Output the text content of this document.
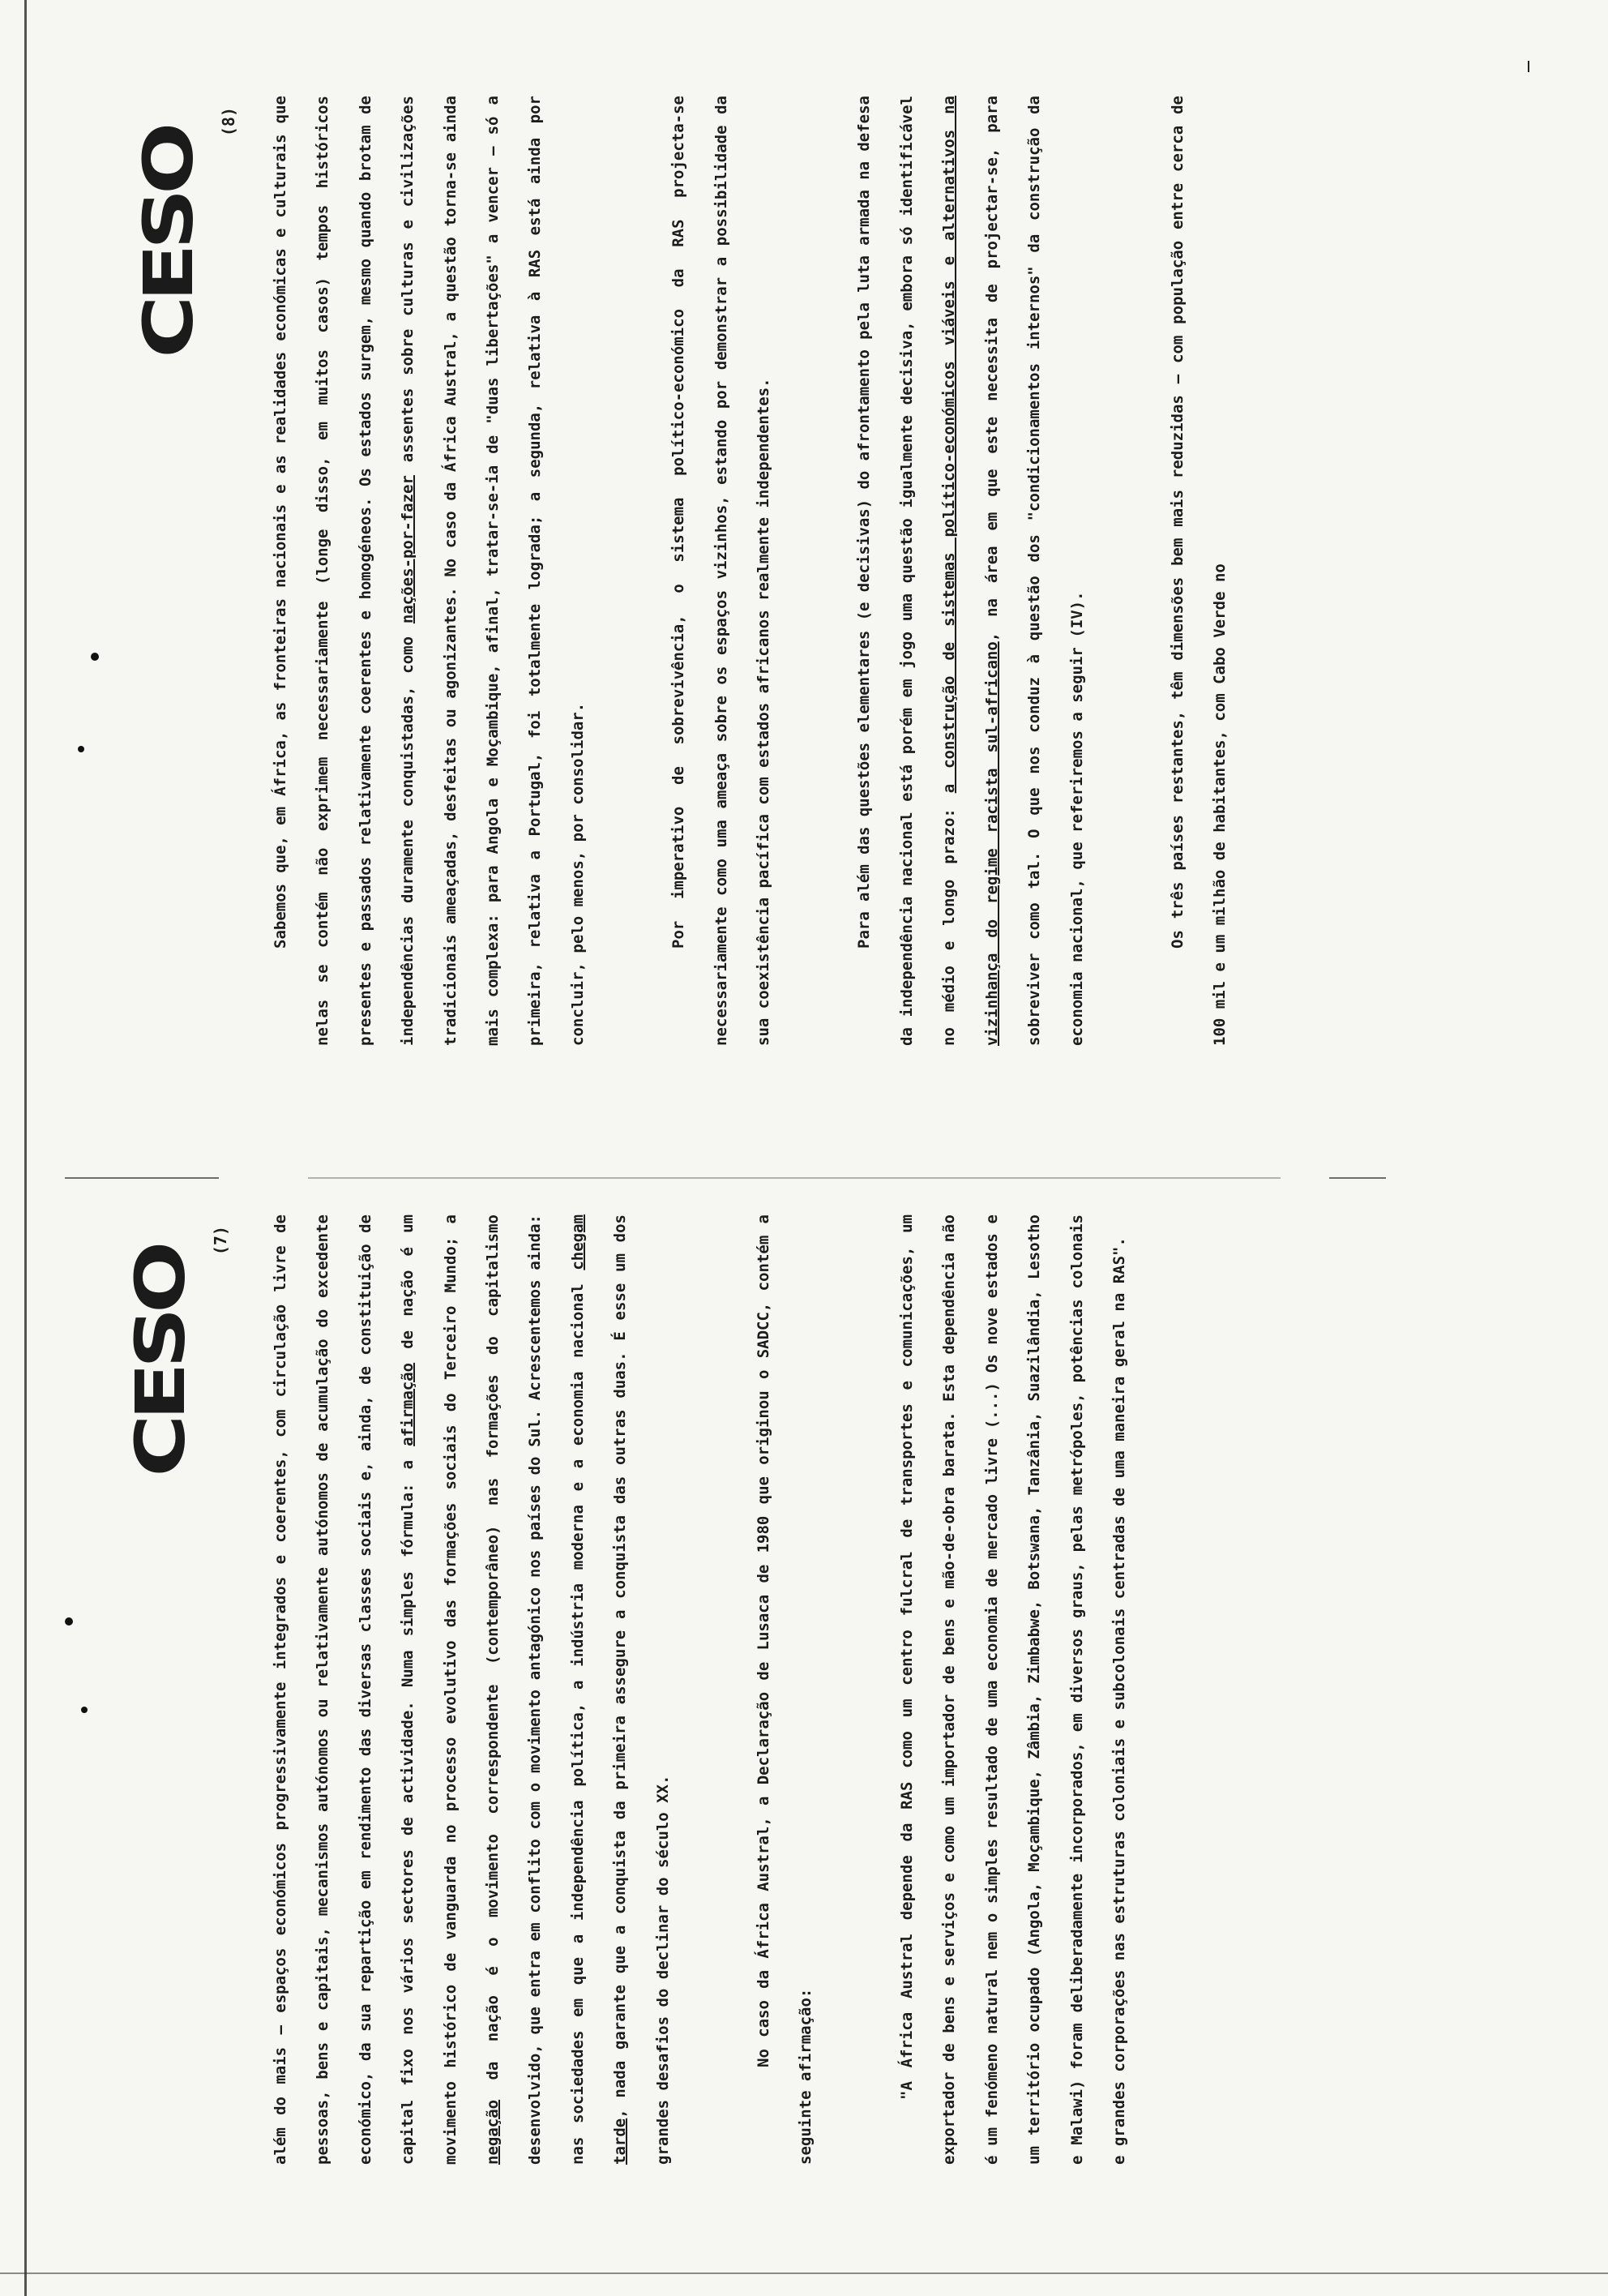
CESO
(7)	além do mais — espaços económicos progressivamente integrados e coerentes, com circulação livre de pessoas, bens e capitais, mecanismos autónomos ou relativamente autónomos de acumulação do excedente económico, da sua repartição em rendimento das diversas classes sociais e, ainda, de constituição de capital fixo nos vários sectores de actividade. Numa simples fórmula: a afirmação de nação é um movimento histórico de vanguarda no processo evolutivo das formações sociais do Terceiro Mundo; a negação da nação é o movimento correspondente (contemporâneo) nas formações do capitalismo desenvolvido, que entra em conflito com o movimento antagónico nos países do Sul. Acrescentemos ainda: nas sociedades em que a independência política, a indústria moderna e a economia nacional chegam tarde, nada garante que a conquista da primeira assegure a conquista das outras duas. É esse um dos grandes desafios do declinar do século XX.	No caso da África Austral, a Declaração de Lusaca de 1980 que originou o SADCC, contém a seguinte afirmação:	"A África Austral depende da RAS como um centro fulcral de transportes e comunicações, um exportador de bens e serviços e como um importador de bens e mão-de-obra barata. Esta dependência não é um fenómeno natural nem o simples resultado de uma economia de mercado livre (...) Os nove estados e um território ocupado (Angola, Moçambique, Zâmbia, Zimbabwe, Botswana, Tanzânia, Suazilândia, Lesotho e Malawi) foram deliberadamente incorporados, em diversos graus, pelas metrópoles, potências colonais e grandes corporações nas estruturas coloniais e subcolonais centradas de uma maneira geral na RAS".

CESO
(8)	Sabemos que, em África, as fronteiras nacionais e as realidades económicas e culturais que nelas se contém não exprimem necessariamente (longe disso, em muitos casos) tempos históricos presentes e passados relativamente coerentes e homogéneos. Os estados surgem, mesmo quando brotam de independências duramente conquistadas, como nações-por-fazer assentes sobre culturas e civilizações tradicionais ameaçadas, desfeitas ou agonizantes. No caso da África Austral, a questão torna-se ainda mais complexa: para Angola e Moçambique, afinal, tratar-se-ia de "duas libertações" a vencer — só a primeira, relativa a Portugal, foi totalmente lograda; a segunda, relativa à RAS está ainda por concluir, pelo menos, por consolidar.	Por imperativo de sobrevivência, o sistema político-económico da RAS projecta-se necessariamente como uma ameaça sobre os espaços vizinhos, estando por demonstrar a possibilidade da sua coexistência pacífica com estados africanos realmente independentes.	Para além das questões elementares (e decisivas) do afrontamento pela luta armada na defesa da independência nacional está porém em jogo uma questão igualmente decisiva, embora só identificável no médio e longo prazo: a construção de sistemas político-económicos viáveis e alternativos na vizinhança do regime racista sul-africano, na área em que este necessita de projectar-se, para sobreviver como tal. O que nos conduz à questão dos "condicionamentos internos" da construção da economia nacional, que referiremos a seguir (IV).	Os três países restantes, têm dimensões bem mais reduzidas — com população entre cerca de 100 mil e um milhão de habitantes, com Cabo Verde no
